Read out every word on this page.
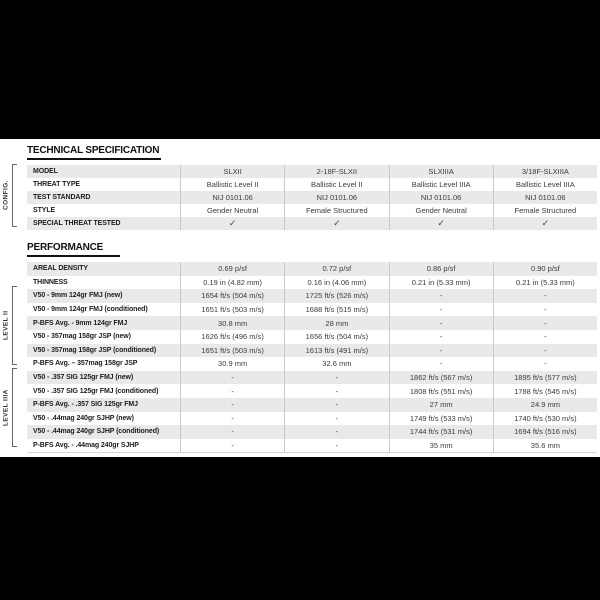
TECHNICAL SPECIFICATION
MODEL	SLXII	2-18F-SLXII	SLXIIIA	3/18F-SLXIIIA
THREAT TYPE	Ballistic Level II	Ballistic Level II	Ballistic Level IIIA	Ballistic Level IIIA
TEST STANDARD	NIJ 0101.06	NIJ 0101.06	NIJ 0101.06	NIJ 0101.06
STYLE	Gender Neutral	Female Structured	Gender Neutral	Female Structured
SPECIAL THREAT TESTED	✓	✓	✓	✓
PERFORMANCE
AREAL DENSITY	0.69 p/sf	0.72 p/sf	0.86 p/sf	0.90 p/sf
THINNESS	0.19 in (4.82 mm)	0.16 in (4.06 mm)	0.21 in (5.33 mm)	0.21 in (5.33 mm)
V50 - 9mm 124gr FMJ (new)	1654 ft/s (504 m/s)	1725 ft/s (526 m/s)	-	-
V50 - 9mm 124gr FMJ (conditioned)	1651 ft/s (503 m/s)	1688 ft/s (515 m/s)	-	-
P-BFS Avg. - 9mm 124gr FMJ	30.8 mm	28 mm	-	-
V50 - 357mag 158gr JSP (new)	1626 ft/s (496 m/s)	1656 ft/s (504 m/s)	-	-
V50 - 357mag 158gr JSP (conditioned)	1651 ft/s (503 m/s)	1613 ft/s (491 m/s)	-	-
P-BFS Avg. – 357mag 158gr JSP	30.9 mm	32.6 mm	-	-
V50 - .357 SIG 125gr FMJ (new)	-	-	1862 ft/s (567 m/s)	1895 ft/s (577 m/s)
V50 - .357 SIG 125gr FMJ (conditioned)	-	-	1808 ft/s (551 m/s)	1788 ft/s (545 m/s)
P-BFS Avg. - .357 SIG 125gr FMJ	-	-	27 mm	24.9 mm
V50 - .44mag 240gr SJHP (new)	-	-	1749 ft/s (533 m/s)	1740 ft/s (530 m/s)
V50 - .44mag 240gr SJHP (conditioned)	-	-	1744 ft/s (531 m/s)	1694 ft/s (516 m/s)
P-BFS Avg. - .44mag 240gr SJHP	-	-	35 mm	35.6 mm
CONFIG.
LEVEL II
LEVEL IIIA
